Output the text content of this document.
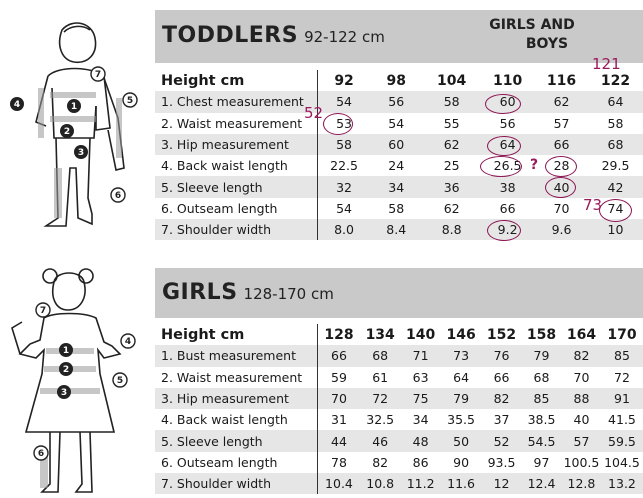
1
2
3
4	5
6
7
1
2
3
4
5
6
7
TODDLERS 92-122 cm
GIRLS AND
BOYS
Height cm	92	98	104	110	116	122
1. Chest measurement	54	56	58	60	62	64
2. Waist measurement	53	54	55	56	57	58
3. Hip measurement	58	60	62	64	66	68
4. Back waist length	22.5	24	25	26.5	28	29.5
5. Sleeve length	32	34	36	38	40	42
6. Outseam length	54	58	62	66	70	74
7. Shoulder width	8.0	8.4	8.8	9.2	9.6	10
GIRLS 128-170 cm
Height cm	128	134	140	146	152	158	164	170
1. Bust measurement	66	68	71	73	76	79	82	85
2. Waist measurement	59	61	63	64	66	68	70	72
3. Hip measurement	70	72	75	79	82	85	88	91
4. Back waist length	31	32.5	34	35.5	37	38.5	40	41.5
5. Sleeve length	44	46	48	50	52	54.5	57	59.5
6. Outseam length	78	82	86	90	93.5	97	100.5	104.5
7. Shoulder width	10.4	10.8	11.2	11.6	12	12.4	12.8	13.2
52
121
73
?
